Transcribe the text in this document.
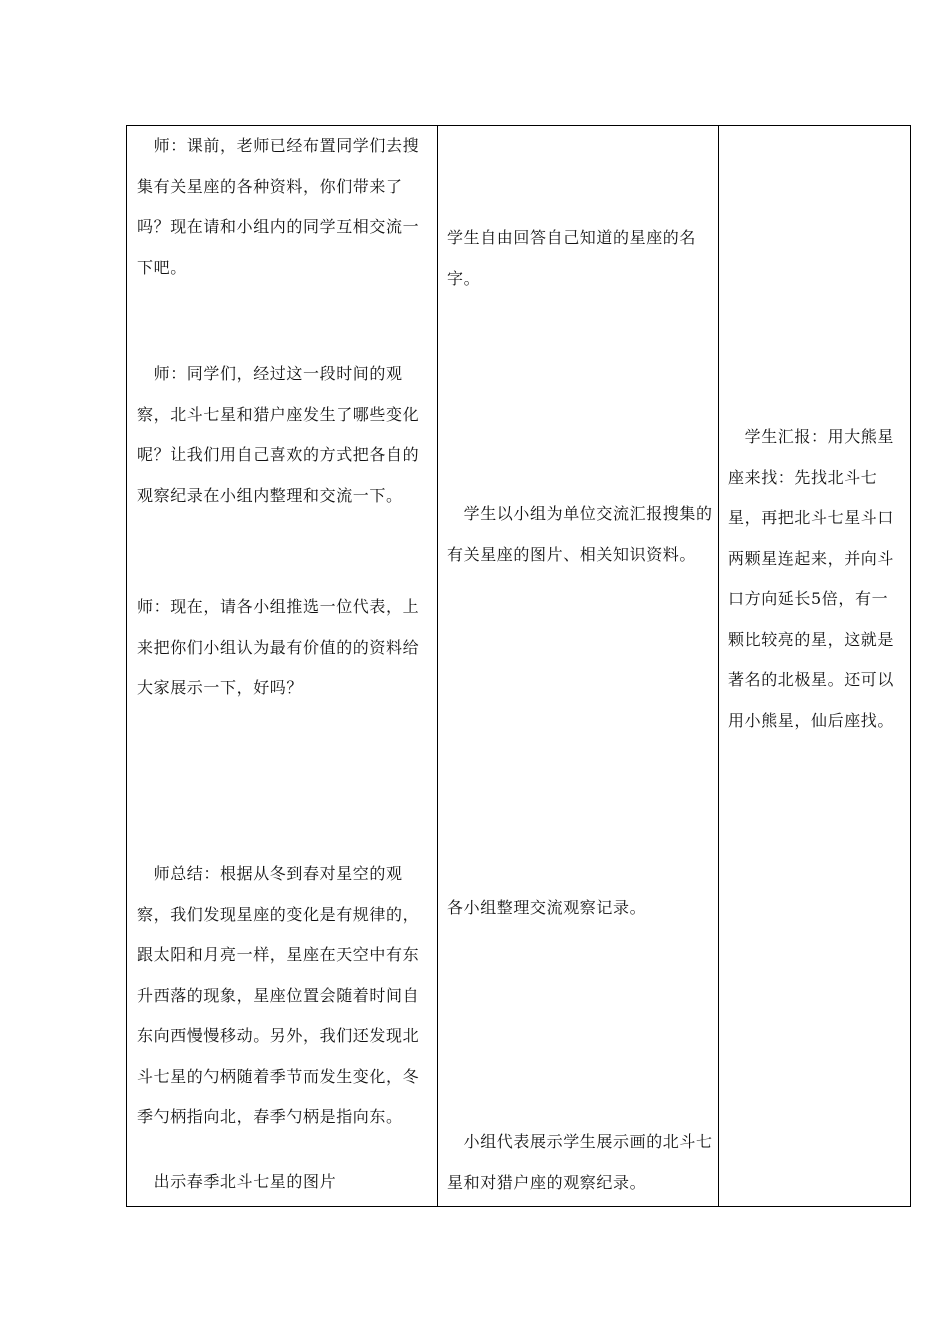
　师：课前，老师已经布置同学们去搜集有关星座的各种资料，你们带来了吗？现在请和小组内的同学互相交流一下吧。
　师：同学们，经过这一段时间的观察，北斗七星和猎户座发生了哪些变化呢？让我们用自己喜欢的方式把各自的观察纪录在小组内整理和交流一下。
师：现在，请各小组推选一位代表，上来把你们小组认为最有价值的的资料给大家展示一下，好吗？
　师总结：根据从冬到春对星空的观察，我们发现星座的变化是有规律的，跟太阳和月亮一样，星座在天空中有东升西落的现象，星座位置会随着时间自东向西慢慢移动。另外，我们还发现北斗七星的勺柄随着季节而发生变化，冬季勺柄指向北，春季勺柄是指向东。
　出示春季北斗七星的图片
学生自由回答自己知道的星座的名字。
　学生以小组为单位交流汇报搜集的有关星座的图片、相关知识资料。
各小组整理交流观察记录。
　小组代表展示学生展示画的北斗七星和对猎户座的观察纪录。
　学生汇报：用大熊星座来找：先找北斗七星，再把北斗七星斗口两颗星连起来，并向斗口方向延长5倍，有一颗比较亮的星，这就是著名的北极星。还可以用小熊星，仙后座找。
